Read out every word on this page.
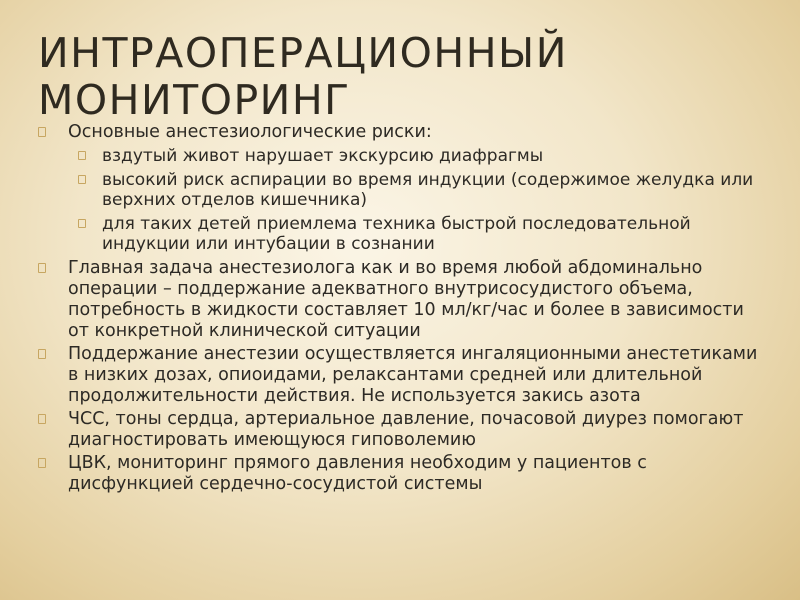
ИНТРАОПЕРАЦИОННЫЙ МОНИТОРИНГ
Основные анестезиологические риски:
вздутый живот нарушает экскурсию диафрагмы
высокий риск аспирации во время индукции (содержимое желудка или верхних отделов кишечника)
для таких детей приемлема техника быстрой последовательной индукции или интубации в сознании
Главная задача анестезиолога как и во время любой абдоминально операции – поддержание адекватного внутрисосудистого объема, потребность в жидкости составляет 10 мл/кг/час и более в зависимости от конкретной клинической ситуации
Поддержание анестезии осуществляется ингаляционными анестетиками в низких дозах, опиоидами, релаксантами средней или длительной продолжительности действия. Не используется закись азота
ЧСС, тоны сердца, артериальное давление, почасовой диурез помогают диагностировать имеющуюся гиповолемию
ЦВК, мониторинг прямого давления необходим у пациентов с дисфункцией сердечно-сосудистой системы
